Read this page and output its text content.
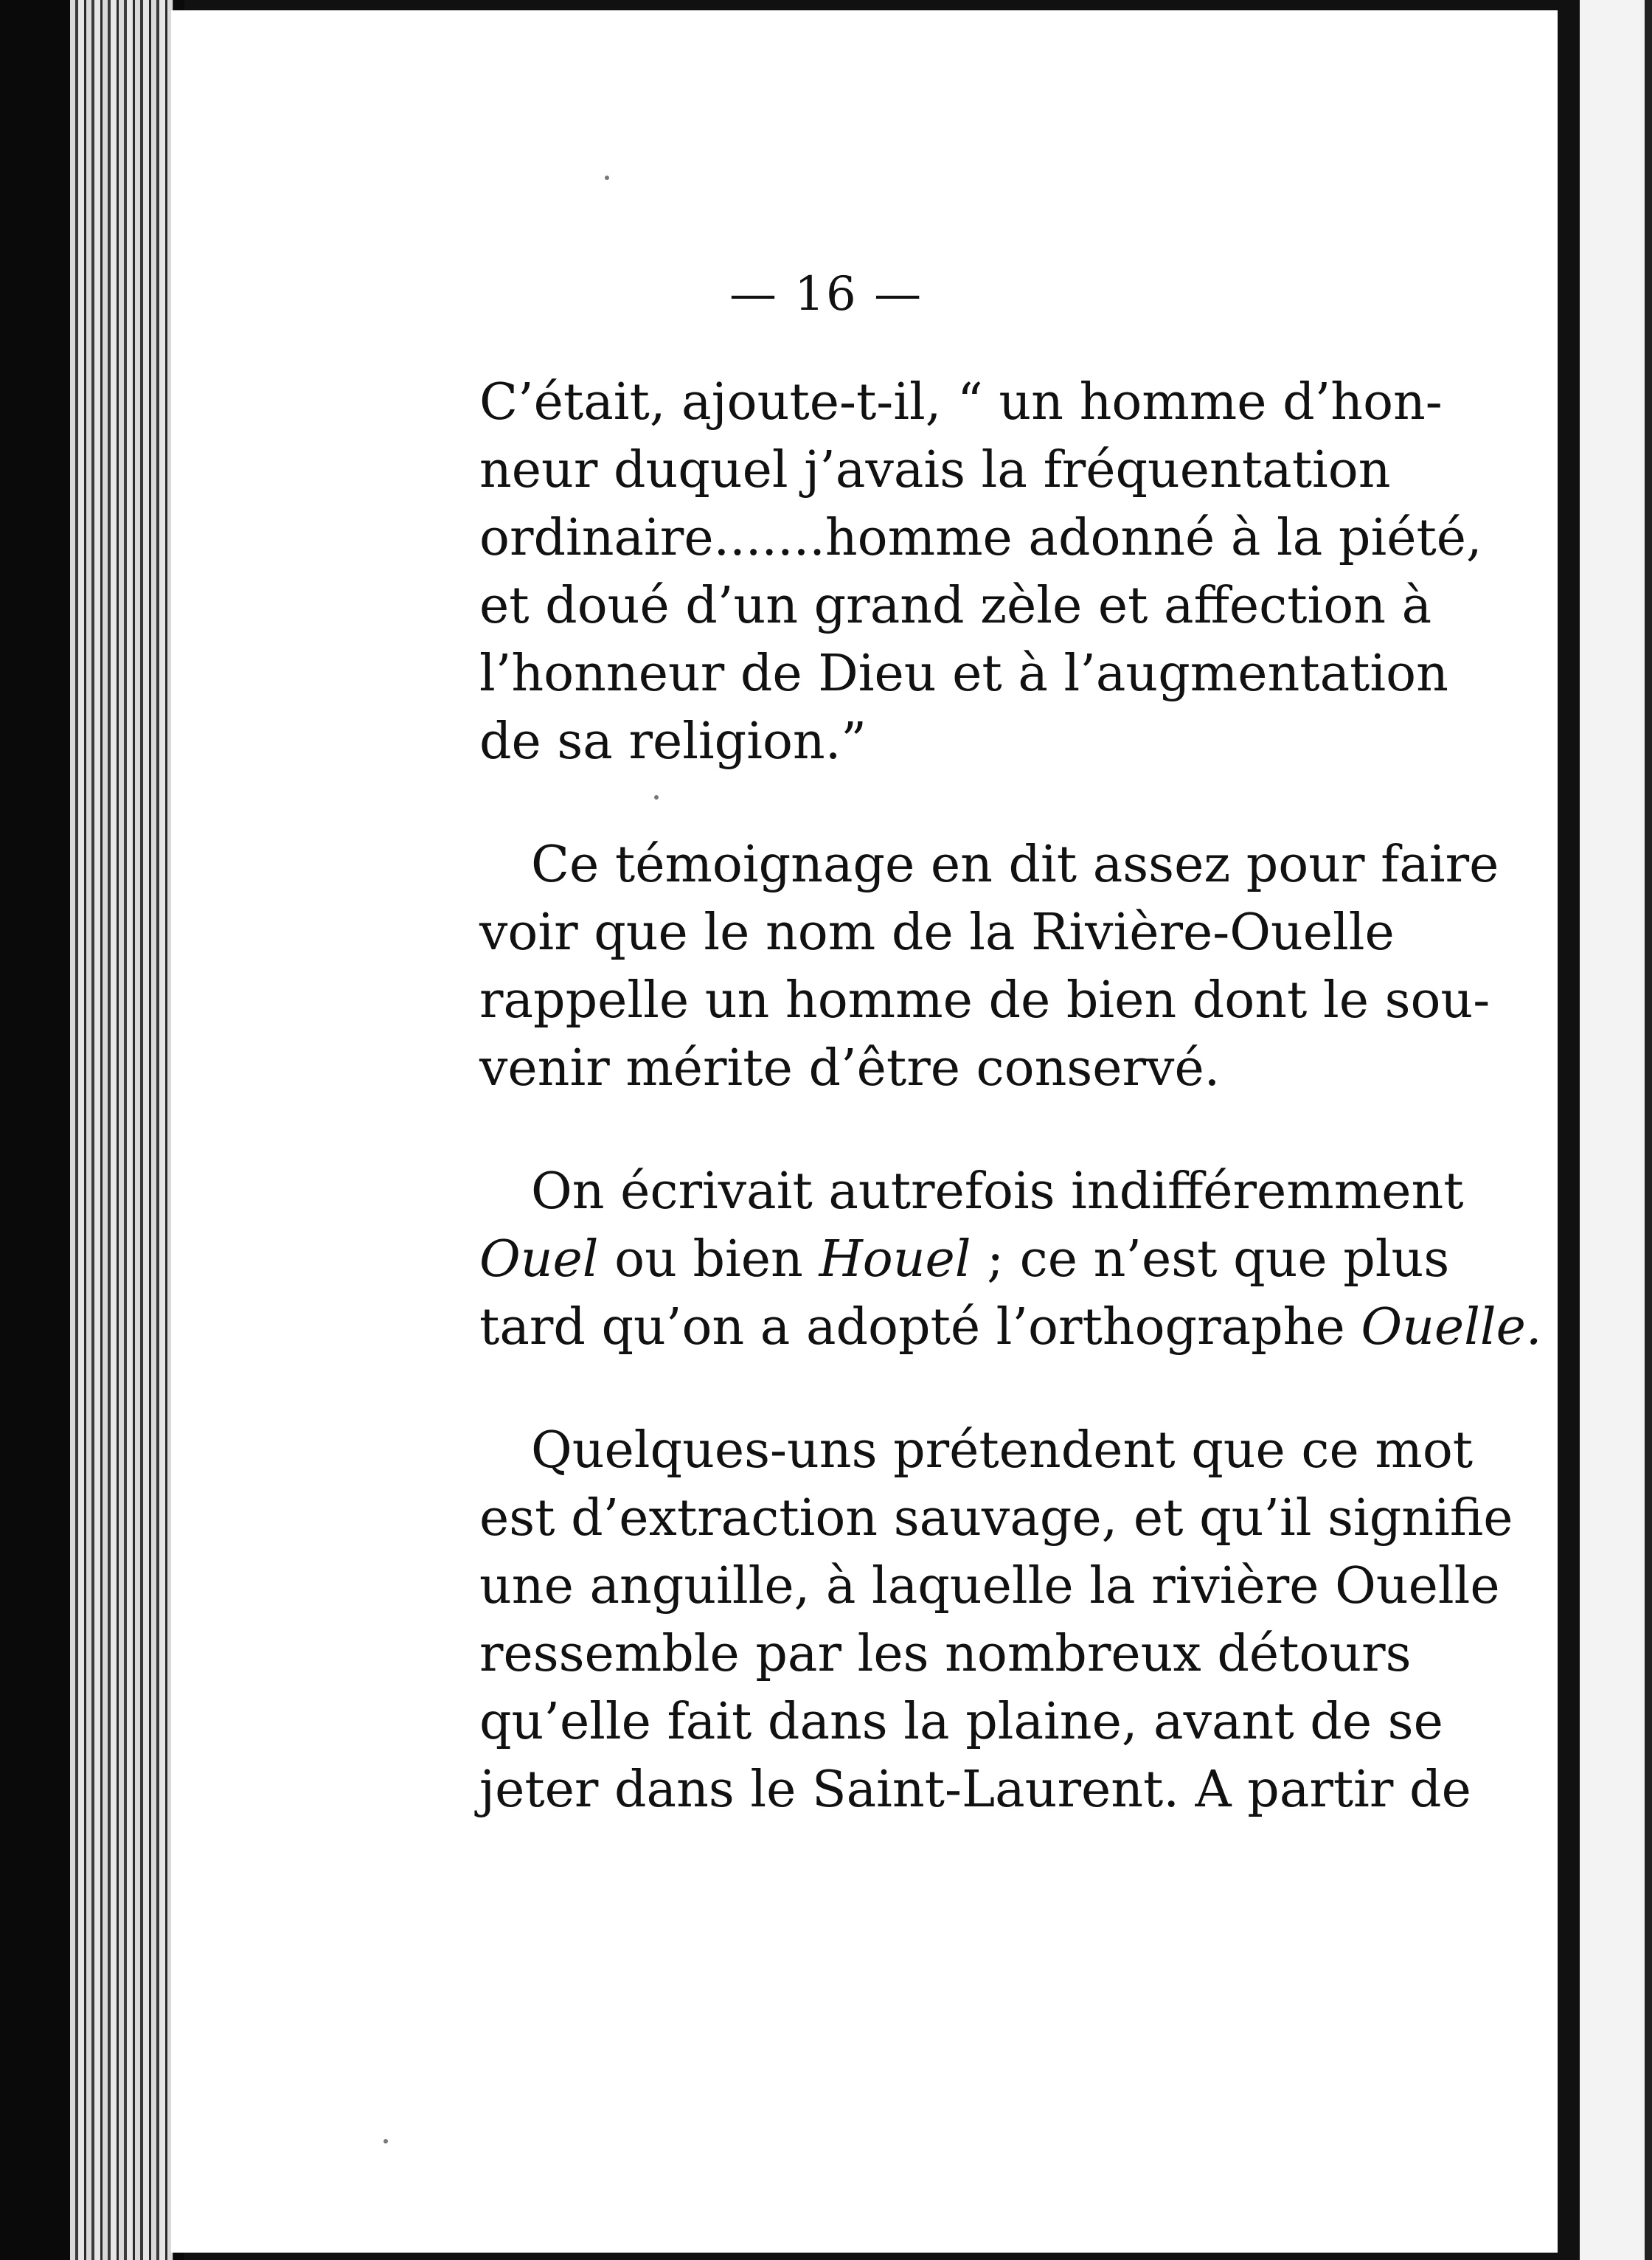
— 16 —

C’était, ajoute-t-il, “ un homme d’hon-
neur duquel j’avais la fréquentation
ordinaire.......homme adonné à la piété,
et doué d’un grand zèle et affection à
l’honneur de Dieu et à l’augmentation
de sa religion.”

Ce témoignage en dit assez pour faire
voir que le nom de la Rivière-Ouelle
rappelle un homme de bien dont le sou-
venir mérite d’être conservé.

On écrivait autrefois indifféremment
Ouel ou bien Houel ; ce n’est que plus
tard qu’on a adopté l’orthographe Ouelle.

Quelques-uns prétendent que ce mot
est d’extraction sauvage, et qu’il signifie
une anguille, à laquelle la rivière Ouelle
ressemble par les nombreux détours
qu’elle fait dans la plaine, avant de se
jeter dans le Saint-Laurent. A partir de
